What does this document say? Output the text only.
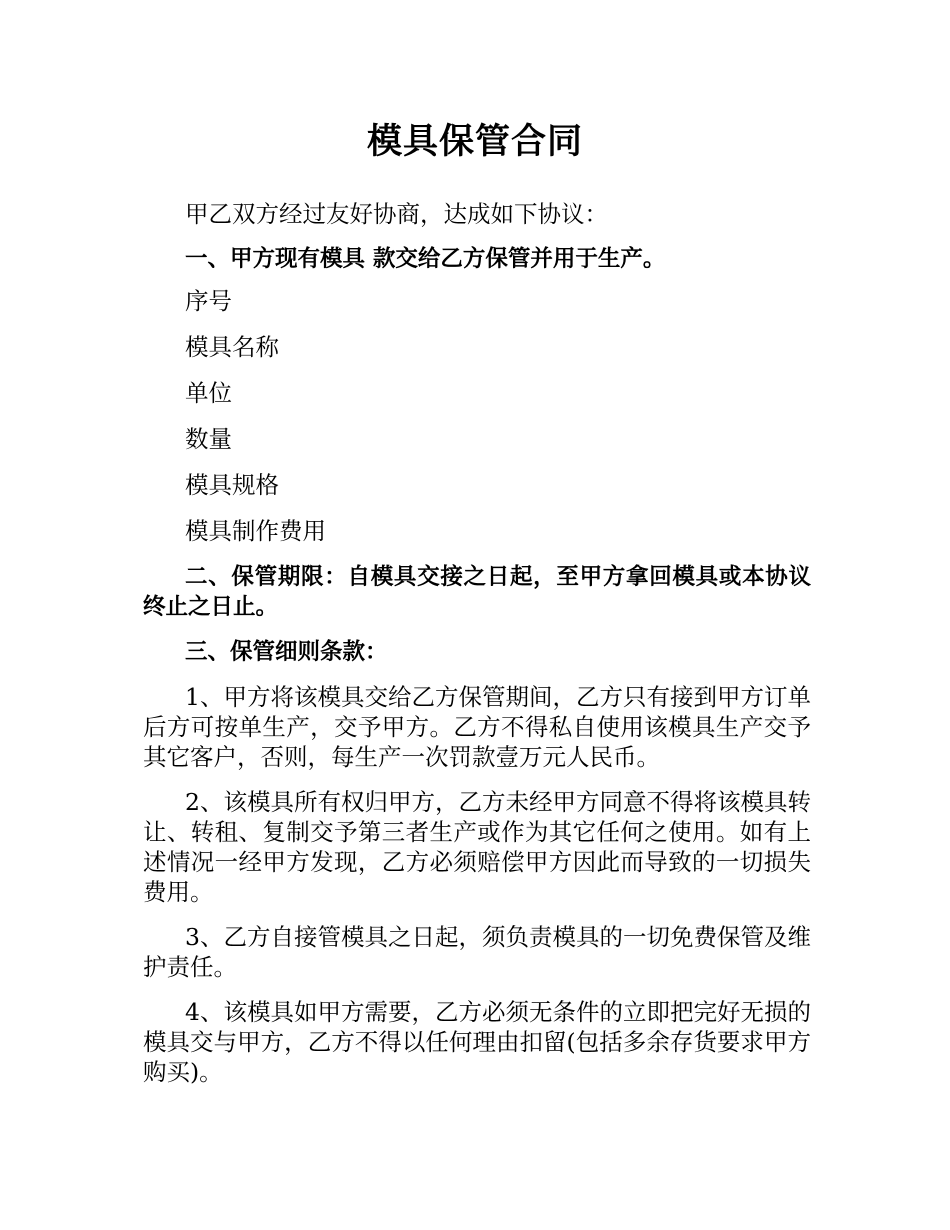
模具保管合同

甲乙双方经过友好协商，达成如下协议：

一、甲方现有模具 款交给乙方保管并用于生产。

序号

模具名称

单位

数量

模具规格

模具制作费用

二、保管期限：自模具交接之日起，至甲方拿回模具或本协议终止之日止。

三、保管细则条款：

1、甲方将该模具交给乙方保管期间，乙方只有接到甲方订单后方可按单生产，交予甲方。乙方不得私自使用该模具生产交予其它客户，否则，每生产一次罚款壹万元人民币。

2、该模具所有权归甲方，乙方未经甲方同意不得将该模具转让、转租、复制交予第三者生产或作为其它任何之使用。如有上述情况一经甲方发现，乙方必须赔偿甲方因此而导致的一切损失费用。

3、乙方自接管模具之日起，须负责模具的一切免费保管及维护责任。

4、该模具如甲方需要，乙方必须无条件的立即把完好无损的模具交与甲方，乙方不得以任何理由扣留(包括多余存货要求甲方购买)。
